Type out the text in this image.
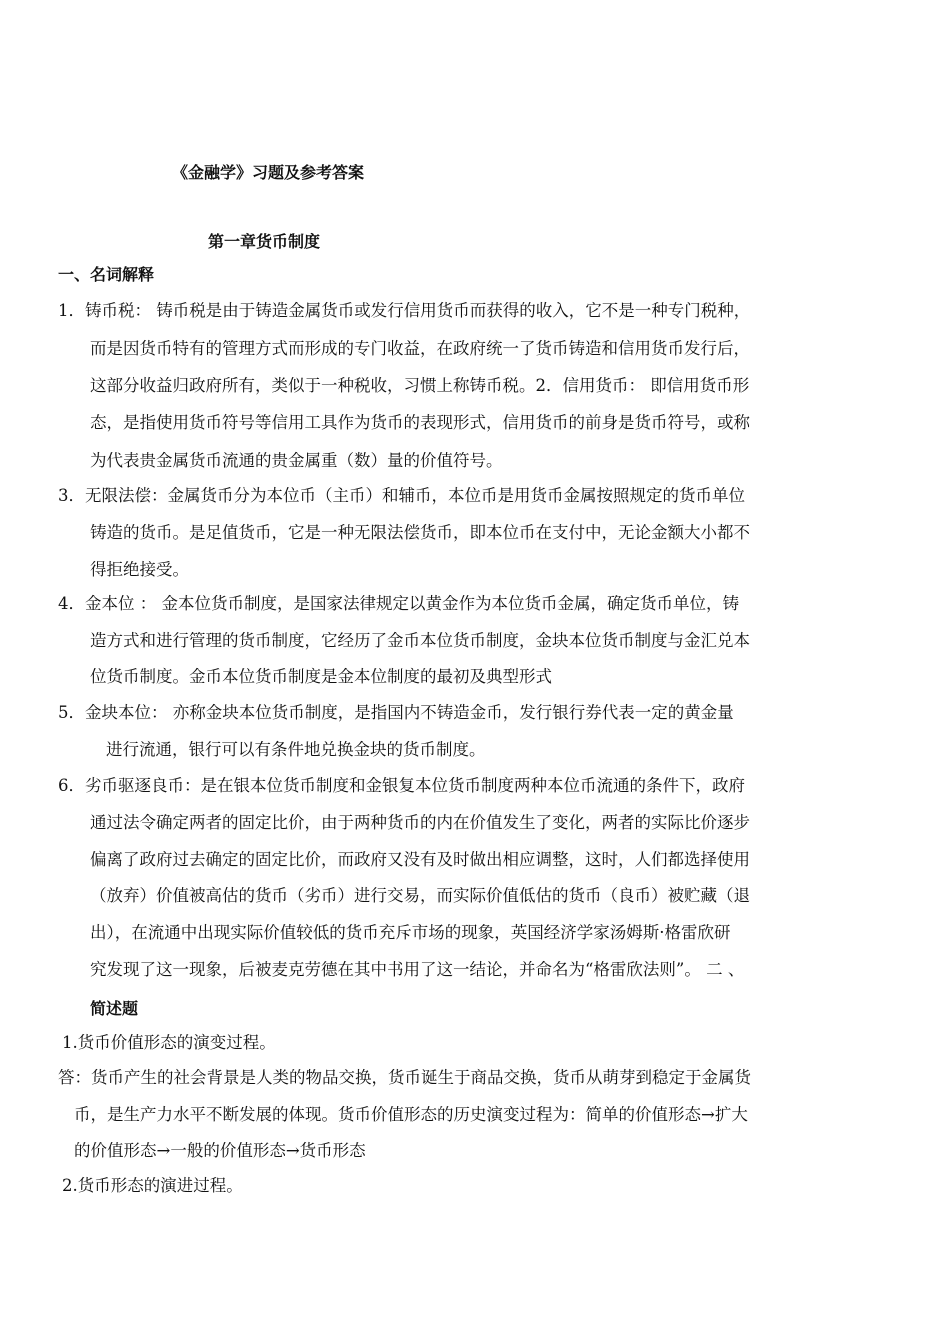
《金融学》习题及参考答案
第一章货币制度
一、名词解释
1．铸币税： 铸币税是由于铸造金属货币或发行信用货币而获得的收入，它不是一种专门税种，
而是因货币特有的管理方式而形成的专门收益，在政府统一了货币铸造和信用货币发行后，
这部分收益归政府所有，类似于一种税收，习惯上称铸币税。2．信用货币： 即信用货币形
态，是指使用货币符号等信用工具作为货币的表现形式，信用货币的前身是货币符号，或称
为代表贵金属货币流通的贵金属重（数）量的价值符号。
3．无限法偿：金属货币分为本位币（主币）和辅币，本位币是用货币金属按照规定的货币单位
铸造的货币。是足值货币，它是一种无限法偿货币，即本位币在支付中，无论金额大小都不
得拒绝接受。
4．金本位 ： 金本位货币制度，是国家法律规定以黄金作为本位货币金属，确定货币单位，铸
造方式和进行管理的货币制度，它经历了金币本位货币制度，金块本位货币制度与金汇兑本
位货币制度。金币本位货币制度是金本位制度的最初及典型形式
5．金块本位： 亦称金块本位货币制度，是指国内不铸造金币，发行银行券代表一定的黄金量
进行流通，银行可以有条件地兑换金块的货币制度。
6．劣币驱逐良币：是在银本位货币制度和金银复本位货币制度两种本位币流通的条件下，政府
通过法令确定两者的固定比价，由于两种货币的内在价值发生了变化，两者的实际比价逐步
偏离了政府过去确定的固定比价，而政府又没有及时做出相应调整，这时，人们都选择使用
（放弃）价值被高估的货币（劣币）进行交易，而实际价值低估的货币（良币）被贮藏（退
出），在流通中出现实际价值较低的货币充斥市场的现象，英国经济学家汤姆斯·格雷欣研
究发现了这一现象，后被麦克劳德在其中书用了这一结论，并命名为“格雷欣法则”。 二 、
简述题
1.货币价值形态的演变过程。
答：货币产生的社会背景是人类的物品交换，货币诞生于商品交换，货币从萌芽到稳定于金属货
币，是生产力水平不断发展的体现。货币价值形态的历史演变过程为：简单的价值形态→扩大
的价值形态→一般的价值形态→货币形态
2.货币形态的演进过程。
